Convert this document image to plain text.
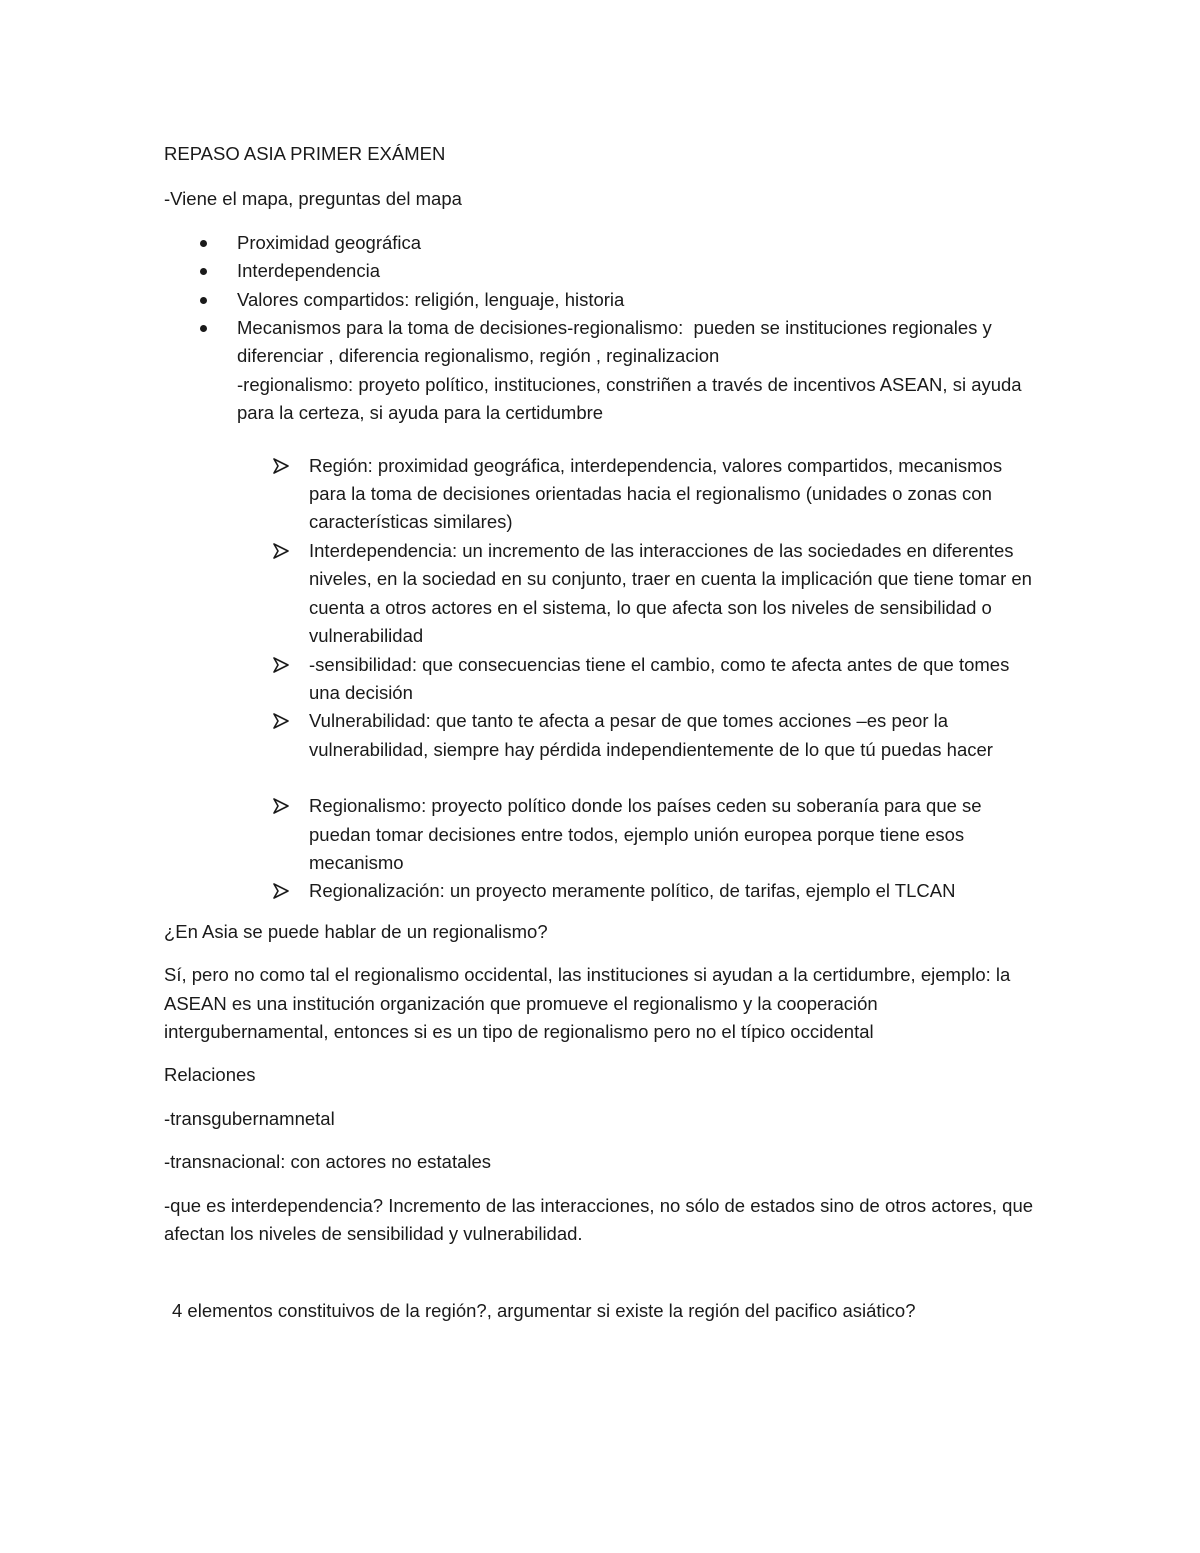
REPASO ASIA PRIMER EXÁMEN

-Viene el mapa, preguntas del mapa

Proximidad geográfica
Interdependencia
Valores compartidos: religión, lenguaje, historia
Mecanismos para la toma de decisiones-regionalismo:  pueden se instituciones regionales y diferenciar , diferencia regionalismo, región , reginalizacion
-regionalismo: proyeto político, instituciones, constriñen a través de incentivos ASEAN, si ayuda para la certeza, si ayuda para la certidumbre
Región: proximidad geográfica, interdependencia, valores compartidos, mecanismos para la toma de decisiones orientadas hacia el regionalismo (unidades o zonas con características similares)
Interdependencia: un incremento de las interacciones de las sociedades en diferentes niveles, en la sociedad en su conjunto, traer en cuenta la implicación que tiene tomar en cuenta a otros actores en el sistema, lo que afecta son los niveles de sensibilidad o vulnerabilidad
-sensibilidad: que consecuencias tiene el cambio, como te afecta antes de que tomes una decisión
Vulnerabilidad: que tanto te afecta a pesar de que tomes acciones –es peor la vulnerabilidad, siempre hay pérdida independientemente de lo que tú puedas hacer
Regionalismo: proyecto político donde los países ceden su soberanía para que se puedan tomar decisiones entre todos, ejemplo unión europea porque tiene esos mecanismo
Regionalización: un proyecto meramente político, de tarifas, ejemplo el TLCAN

¿En Asia se puede hablar de un regionalismo?

Sí, pero no como tal el regionalismo occidental, las instituciones si ayudan a la certidumbre, ejemplo: la ASEAN es una institución organización que promueve el regionalismo y la cooperación intergubernamental, entonces si es un tipo de regionalismo pero no el típico occidental

Relaciones

-transgubernamnetal

-transnacional: con actores no estatales

-que es interdependencia? Incremento de las interacciones, no sólo de estados sino de otros actores, que afectan los niveles de sensibilidad y vulnerabilidad.

4 elementos constituivos de la región?, argumentar si existe la región del pacifico asiático?
